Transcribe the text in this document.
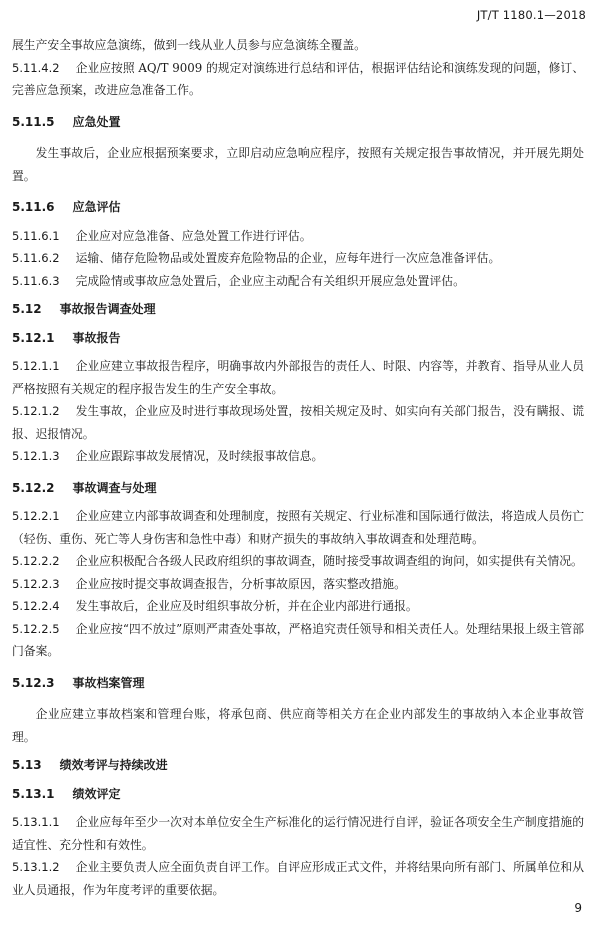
JT/T 1180.1—2018

展生产安全事故应急演练，做到一线从业人员参与应急演练全覆盖。

5.11.4.2 企业应按照 AQ/T 9009 的规定对演练进行总结和评估，根据评估结论和演练发现的问题，修订、完善应急预案，改进应急准备工作。

5.11.5 应急处置

发生事故后，企业应根据预案要求，立即启动应急响应程序，按照有关规定报告事故情况，并开展先期处置。

5.11.6 应急评估

5.11.6.1 企业应对应急准备、应急处置工作进行评估。

5.11.6.2 运输、储存危险物品或处置废弃危险物品的企业，应每年进行一次应急准备评估。

5.11.6.3 完成险情或事故应急处置后，企业应主动配合有关组织开展应急处置评估。

5.12 事故报告调查处理

5.12.1 事故报告

5.12.1.1 企业应建立事故报告程序，明确事故内外部报告的责任人、时限、内容等，并教育、指导从业人员严格按照有关规定的程序报告发生的生产安全事故。

5.12.1.2 发生事故，企业应及时进行事故现场处置，按相关规定及时、如实向有关部门报告，没有瞒报、谎报、迟报情况。

5.12.1.3 企业应跟踪事故发展情况，及时续报事故信息。

5.12.2 事故调查与处理

5.12.2.1 企业应建立内部事故调查和处理制度，按照有关规定、行业标准和国际通行做法，将造成人员伤亡（轻伤、重伤、死亡等人身伤害和急性中毒）和财产损失的事故纳入事故调查和处理范畴。

5.12.2.2 企业应积极配合各级人民政府组织的事故调查，随时接受事故调查组的询问，如实提供有关情况。

5.12.2.3 企业应按时提交事故调查报告，分析事故原因，落实整改措施。

5.12.2.4 发生事故后，企业应及时组织事故分析，并在企业内部进行通报。

5.12.2.5 企业应按“四不放过”原则严肃查处事故，严格追究责任领导和相关责任人。处理结果报上级主管部门备案。

5.12.3 事故档案管理

企业应建立事故档案和管理台账，将承包商、供应商等相关方在企业内部发生的事故纳入本企业事故管理。

5.13 绩效考评与持续改进

5.13.1 绩效评定

5.13.1.1 企业应每年至少一次对本单位安全生产标准化的运行情况进行自评，验证各项安全生产制度措施的适宜性、充分性和有效性。

5.13.1.2 企业主要负责人应全面负责自评工作。自评应形成正式文件，并将结果向所有部门、所属单位和从业人员通报，作为年度考评的重要依据。

9
